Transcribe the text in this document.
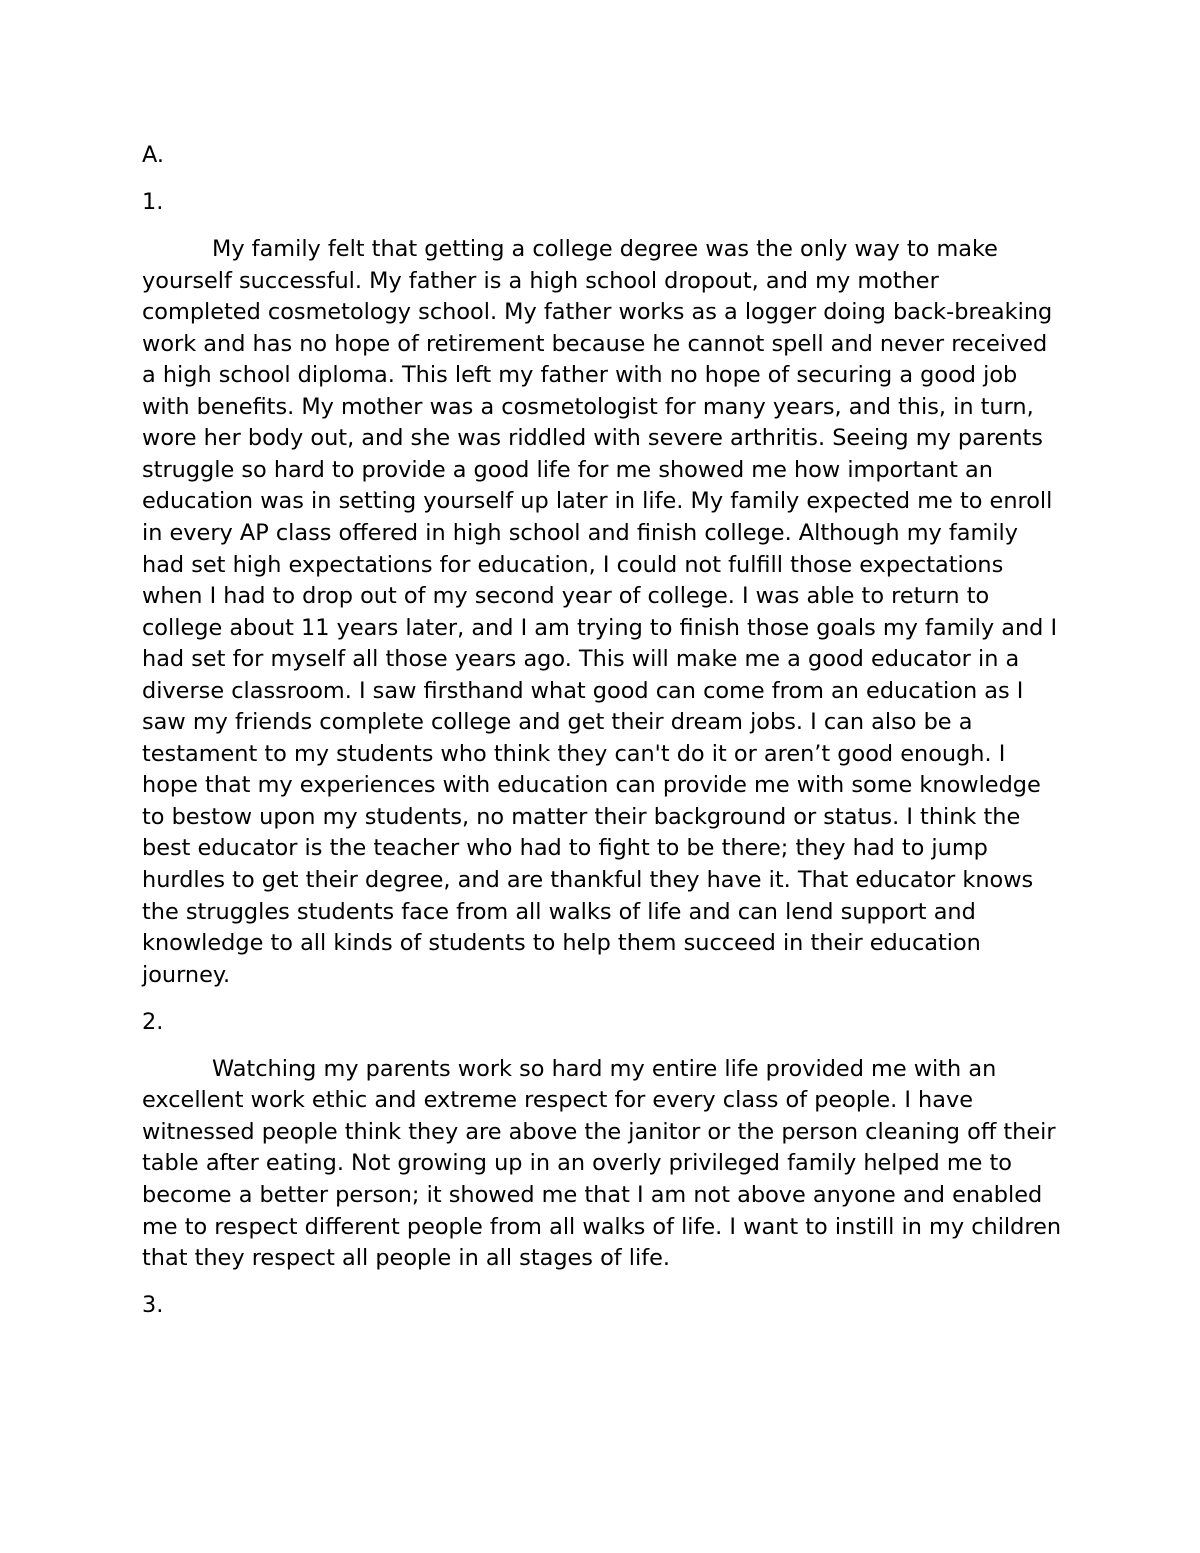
A.

1.

My family felt that getting a college degree was the only way to make yourself successful. My father is a high school dropout, and my mother completed cosmetology school. My father works as a logger doing back-breaking work and has no hope of retirement because he cannot spell and never received a high school diploma. This left my father with no hope of securing a good job with benefits. My mother was a cosmetologist for many years, and this, in turn, wore her body out, and she was riddled with severe arthritis. Seeing my parents struggle so hard to provide a good life for me showed me how important an education was in setting yourself up later in life. My family expected me to enroll in every AP class offered in high school and finish college. Although my family had set high expectations for education, I could not fulfill those expectations when I had to drop out of my second year of college. I was able to return to college about 11 years later, and I am trying to finish those goals my family and I had set for myself all those years ago. This will make me a good educator in a diverse classroom. I saw firsthand what good can come from an education as I saw my friends complete college and get their dream jobs. I can also be a testament to my students who think they can't do it or aren’t good enough. I hope that my experiences with education can provide me with some knowledge to bestow upon my students, no matter their background or status. I think the best educator is the teacher who had to fight to be there; they had to jump hurdles to get their degree, and are thankful they have it. That educator knows the struggles students face from all walks of life and can lend support and knowledge to all kinds of students to help them succeed in their education journey.

2.

Watching my parents work so hard my entire life provided me with an excellent work ethic and extreme respect for every class of people. I have witnessed people think they are above the janitor or the person cleaning off their table after eating. Not growing up in an overly privileged family helped me to become a better person; it showed me that I am not above anyone and enabled me to respect different people from all walks of life. I want to instill in my children that they respect all people in all stages of life.

3.
